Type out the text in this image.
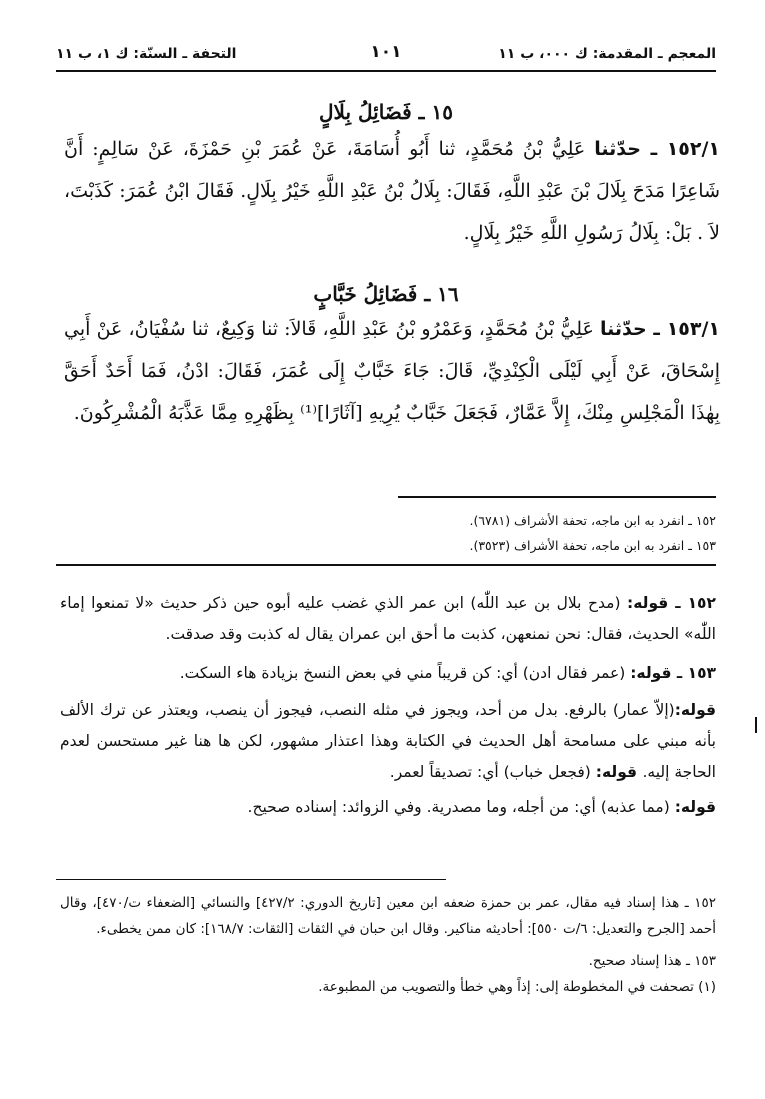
المعجم ـ المقدمة: ك ٠٠٠، ب ١١
١٠١
التحفة ـ السنّة: ك ١، ب ١١
١٥ ـ فَضَائِلُ بِلَالٍ
١٥٢/١ ـ حدّثنا عَلِيُّ بْنُ مُحَمَّدٍ، ثنا أَبُو أُسَامَةَ، عَنْ عُمَرَ بْنِ حَمْزَةَ، عَنْ سَالِمٍ: أَنَّ شَاعِرًا مَدَحَ بِلَالَ بْنَ عَبْدِ اللَّهِ، فَقَالَ: بِلَالُ بْنُ عَبْدِ اللَّهِ خَيْرُ بِلَالٍ. فَقَالَ ابْنُ عُمَرَ: كَذَبْتَ، لاَ . بَلْ: بِلَالُ رَسُولِ اللَّهِ خَيْرُ بِلَالٍ.
١٦ ـ فَضَائِلُ خَبَّابٍ
١٥٣/١ ـ حدّثنا عَلِيُّ بْنُ مُحَمَّدٍ، وَعَمْرُو بْنُ عَبْدِ اللَّهِ، قَالاَ: ثنا وَكِيعٌ، ثنا سُفْيَانُ، عَنْ أَبِي إِسْحَاقَ، عَنْ أَبِي لَيْلَى الْكِنْدِيِّ، قَالَ: جَاءَ خَبَّابٌ إِلَى عُمَرَ، فَقَالَ: ادْنُ، فَمَا أَحَدٌ أَحَقَّ بِهٰذَا الْمَجْلِسِ مِنْكَ، إِلاَّ عَمَّارٌ، فَجَعَلَ خَبَّابٌ يُرِيهِ [آثَارًا]⁽¹⁾ بِظَهْرِهِ مِمَّا عَذَّبَهُ الْمُشْرِكُونَ.
١٥٢ ـ انفرد به ابن ماجه، تحفة الأشراف (٦٧٨١).
١٥٣ ـ انفرد به ابن ماجه، تحفة الأشراف (٣٥٢٣).
١٥٢ ـ قوله: (مدح بلال بن عبد اللّٰه) ابن عمر الذي غضب عليه أبوه حين ذكر حديث «لا تمنعوا إماء اللّٰه» الحديث، فقال: نحن نمنعهن، كذبت ما أحق ابن عمران يقال له كذبت وقد صدقت.
١٥٣ ـ قوله: (عمر فقال ادن) أي: كن قريباً مني في بعض النسخ بزيادة هاء السكت.
قوله:(إلاّ عمار) بالرفع. بدل من أحد، ويجوز في مثله النصب، فيجوز أن ينصب، ويعتذر عن ترك الألف بأنه مبني على مسامحة أهل الحديث في الكتابة وهذا اعتذار مشهور، لكن ها هنا غير مستحسن لعدم الحاجة إليه. قوله: (فجعل خباب) أي: تصديقاً لعمر.
قوله: (مما عذبه) أي: من أجله، وما مصدرية. وفي الزوائد: إسناده صحيح.
١٥٢ ـ هذا إسناد فيه مقال، عمر بن حمزة ضعفه ابن معين [تاريخ الدوري: ٤٢٧/٢] والنسائي [الضعفاء ت/٤٧٠]، وقال أحمد [الجرح والتعديل: ٦/ت ٥٥٠]: أحاديثه مناكير. وقال ابن حبان في الثقات [الثقات: ١٦٨/٧]: كان ممن يخطىء.
١٥٣ ـ هذا إسناد صحيح.
(١) تصحفت في المخطوطة إلى: إذاً وهي خطأ والتصويب من المطبوعة.
